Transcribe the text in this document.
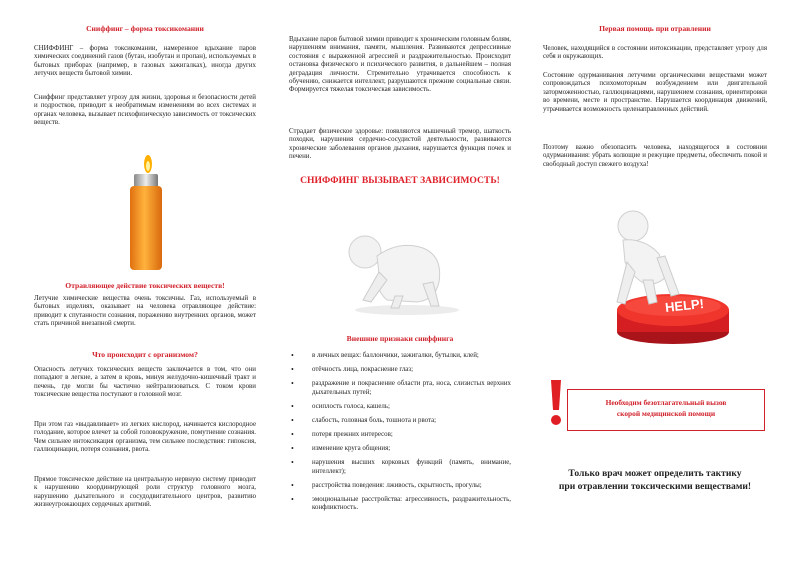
Сниффинг – форма токсикомании

СНИФФИНГ – форма токсикомании, намеренное вдыхание паров химических соединений газов (бутан, изобутан и пропан), используемых в бытовых приборах (например, в газовых зажигалках), иногда других летучих веществ бытовой химии.

Сниффинг представляет угрозу для жизни, здоровья и безопасности детей и подростков, приводит к необратимым изменениям во всех системах и органах человека, вызывает психофизическую зависимость от токсических веществ.

Отравляющее действие токсических веществ!

Летучие химические вещества очень токсичны. Газ, используемый в бытовых изделиях, оказывает на человека отравляющее действие: приводит к спутанности сознания, поражению внутренних органов, может стать причиной внезапной смерти.

Что происходит с организмом?

Опасность летучих токсических веществ заключается в том, что они попадают в легкие, а затем в кровь, минуя желудочно-кишечный тракт и печень, где могли бы частично нейтрализоваться. С током крови токсические вещества поступают в головной мозг.

При этом газ «выдавливает» из легких кислород, начинается кислородное голодание, которое влечет за собой головокружение, помутнение сознания. Чем сильнее интоксикация организма, тем сильнее последствия: гипоксия, галлюцинации, потеря сознания, рвота.

Прямое токсическое действие на центральную нервную систему приводит к нарушению координирующей роли структур головного мозга, нарушению дыхательного и сосудодвигательного центров, развитию жизнеугрожающих сердечных аритмий.

Вдыхание паров бытовой химии приводит к хроническим головным болям, нарушениям внимания, памяти, мышления. Развиваются депрессивные состояния с выраженной агрессией и раздражительностью. Происходит остановка физического и психического развития, в дальнейшем – полная деградация личности. Стремительно утрачивается способность к обучению, снижается интеллект, разрушаются прежние социальные связи. Формируется тяжелая токсическая зависимость.

Страдает физическое здоровье: появляются мышечный тремор, шаткость походки, нарушения сердечно-сосудистой деятельности, развиваются хронические заболевания органов дыхания, нарушается функция почек и печени.

СНИФФИНГ ВЫЗЫВАЕТ ЗАВИСИМОСТЬ!

Внешние признаки сниффинга

•	в личных вещах: баллончики, зажигалки, бутылки, клей;
•	отёчность лица, покраснение глаз;
•	раздражение и покраснение области рта, носа, слизистых верхних дыхательных путей;
•	осиплость голоса, кашель;
•	слабость, головная боль, тошнота и рвота;
•	потеря прежних интересов;
•	изменение круга общения;
•	нарушения высших корковых функций (память, внимание, интеллект);
•	расстройства поведения: лживость, скрытность, прогулы;
•	эмоциональные расстройства: агрессивность, раздражительность, конфликтность.

Первая помощь при отравлении

Человек, находящийся в состоянии интоксикации, представляет угрозу для себя и окружающих.

Состояние одурманивания летучими органическими веществами может сопровождаться психомоторным возбуждением или двигательной заторможенностью, галлюцинациями, нарушением сознания, ориентировки во времени, месте и пространстве. Нарушается координация движений, утрачивается возможность целенаправленных действий.

Поэтому важно обезопасить человека, находящегося в состоянии одурманивания: убрать колющие и режущие предметы, обеспечить покой и свободный доступ свежего воздуха!

HELP!
Необходим безотлагательный вызов
скорой медицинской помощи
Только врач может определить тактику
при отравлении токсическими веществами!
